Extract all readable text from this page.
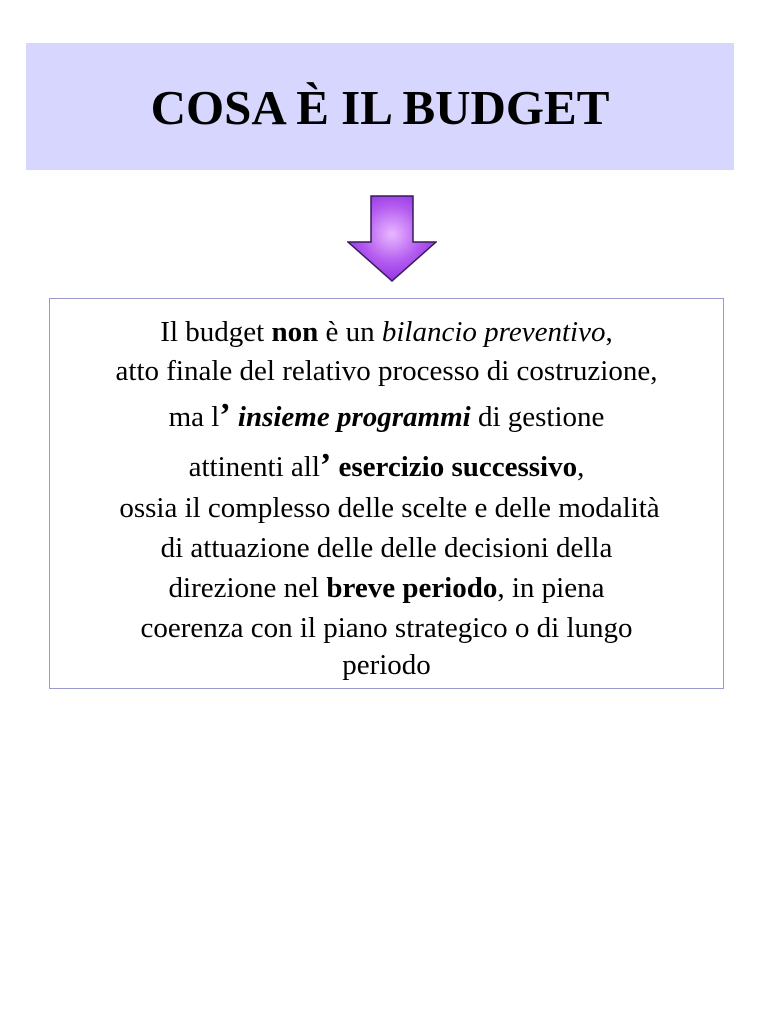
COSA È IL BUDGET
Il budget non è un bilancio preventivo,
atto finale del relativo processo di costruzione,
ma l’ insieme programmi di gestione
attinenti all’ esercizio successivo,
ossia il complesso delle scelte e delle modalità
di attuazione delle delle decisioni della
direzione nel breve periodo, in piena
coerenza con il piano strategico o di lungo
periodo
